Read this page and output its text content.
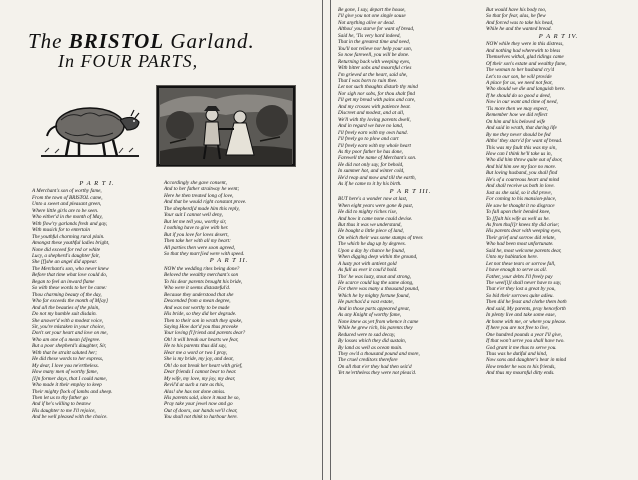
The BRISTOL Garland.
In FOUR PARTS,
P A R T I.
A Merchant's son of worthy fame,
From the town of BRISTOL came,
Unto a sweet and pleasant green,
Where little girls are to be seen.
Who either'd in the month of May,
With flow'ry garlands fresh and gay,
With musick for to entertain
The youthful charming rural plain.
Amongst these youthful ladies bright,
None did exceed for red or white
Lucy, a shepherd's daughter fair,
She [f]she an angel did appear.
The Merchant's son, who never knew
Before that time what love could do,
Began to feel an inward flame
So with these words to her he came:
Thou charming beauty of the day,
Who far exceeds the month of M[ay]
And all the beauties of the plain,
Do not my humble suit disdain.
She answer'd with a modest voice,
Sir, you're mistaken in your choice,
Don't set your heart and love on me,
Who am one of a mean [d]egree.
But a poor shepherd's daughter, Sir,
With that he straitt saluted her;
He did these words to her express,
My dear, I love you ne'ertheless.
How many men of worthy fame,
[I]n former days, that I could name,
Who made it their employ to keep
Their mighty flock of lambs and sheep.
Then let us to thy father go
And if he's willing to bestow
His daughter to me I'll rejoice,
And be well pleased with the choice.
Accordingly she gave consent,
And to her father straitway he went;
Here he then treated long of love,
And that he would right constant prove.
The shepherd[d made him this reply,
Your suit I cannot well deny,
But let me tell you, worthy sir,
I nothing have to give with her.
But if you love for loves desert,
Then take her with all my heart:
All parties then were soon agreed,
So that they marr[ied were with speed.
P A R T II.
NOW the wedding rites being done?
Beloved the wealthy merchant's son
To his dear parents brought his bride,
Who were it seems distasteful'd.
Because they understood that she
Descended from a mean degree,
And was not worthy to be made
His bride, so they did her degrade.
Then to their son in wrath they spoke,
Saying How dar'd you thus provoke
Your loving fi'[riend and parents dear?
Oh! it will break our hearts we fear,
He to his parents thus did say,
Hear me a word or two I pray,
She is my bride, my joy, and dear,
Oh! do not break her heart with grief,
Dear friends I cannot bear to hear.
My wife, my love, my joy, my dear,
Revil'd at such a rate as this,
Alas! she has not done amiss.
His parents said, since it must be so,
Pray take your jewel now and go
Out of doors, our hands we'll clear,
You shall not think to harbour here.
Be gone, I say, depart the house,
I'll give you not one single souse
Not anything alive or dead.
Althou' you starve for want of bread,
Said he, 'Tis very hard indeed,
That in the greatest time and need,
You'll not relieve nor help your son,
So now farewell, you will be done.
Returning back with weeping eyes,
With bitter sobs and mournful cries
I'm grieved at the heart, said she,
That I was born to ruin thee.
Let not such thoughts disturb thy mind
Nor sigh nor sobs, for thou shalt find
I'll get my bread with pains and care,
And my crosses with patience bear.
Discreet and modest, and at all,
We'll with thy loving parents dwell,
And in regard we have no land,
I'll freely earn with my own hand.
I'll freely go to plow and cart
I'll freely earn with my whole heart
As thy poor father he has done,
Farewell the name of Merchant's son.
He did not only say, for behold,
In summer hot, and winter cold,
He'd reap and mow and till the earth,
As if he came to it by his birth.
P A R T III.
BUT here's a wonder now at last,
When eight years were gone & past,
He did to mighty riches rise,
And how it came none could devise.
But thus it was we understand,
He bought a little piece of land,
On which their was some stumps of trees
The which he dug up by degrees.
Upon a day by chance he found,
When digging deep within the ground,
A lusty pot with antient gold
As full as ever it coul'd hold.
Tho' he was lusty, stout and strong,
He scarce could lug the same along,
For there was many a thousand pound,
Which he by mighty fortune found,
He purchas'd a vast estate,
And in those parts appeared great,
As any Knight of worthy fame,
None knew as yet from whence it came
While he grew rich, his parents they
Reduced were to sad decay,
By losses which they did sustain,
By land as well as ocean main.
They ow'd a thousand pound and more,
The cruel creditors therefore
On all that e'er they had then seiz'd
Yet ne'ertheless they were not pleas'd.
But would have his body too,
So that for fear, alas, he flew
And forced was to take his head,
While he and the wanted bread.
P A R T IV.
NOW while they were in this distress,
And nothing had wherewith to bless
Themselves withal, glad tidings came
Of their son's estate and wealthy fame,
The woman to her husband cry'd
Let's to our son, he will provide
A place for us, we need not fear,
Who should we die and languish here.
If he should do so good a deed,
Now in our want and time of need,
'Tis more then we may expect,
Remember how we did reflect
On him and his beloved wife
And said in wrath, that during life
By me they never should be fed
Altho' they starv'd for want of bread.
This was my fault this was my sin,
How can I think he'll take us in,
Who did him throw quite out of door,
And bid him see my face no more.
But loving husband, you shall find
He's of a courteous heart and mind
And shall receive us both in love.
Just as she said, so it did prove,
For coming to his mansion-place,
He saw he thought it no disgrace
To fall upon their bended knee,
To [f]alt his wife as well as he.
As from thu[l]r knees thy did arise;
His parents dear with weeping eyes,
Their grief and sorrow did relate,
Who had been most unfortunate.
Said he, most welcome parents dear,
Unto my habitation here.
Let not these tears or sorrow fall,
I have enough to serve us all.
Father, your debts I'll freely pay
The weel[l]l shall never have to say,
That e'er they lost a great by you,
So bid their sorrows quite adieu.
Then did he feast and clothe them both
And said, My parents, pray henceforth
In plenty live and take some ease,
At home with me, or where you please.
If here you are not free to live,
One hundred pounds a year I'll give,
If that won't serve you shall have two.
God grant it me thus to serve you.
Thus was he dutiful and kind,
Now sons and daughter's bear in mind
How tender he was to his friends,
And thus my mournful ditty ends.
